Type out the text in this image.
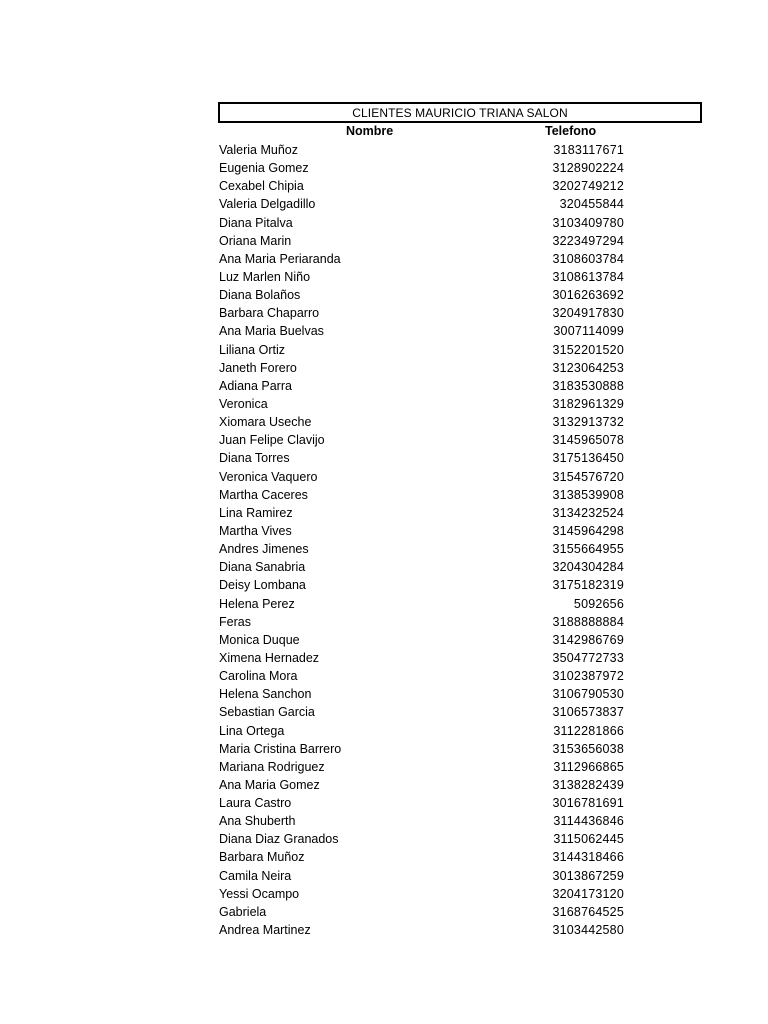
CLIENTES MAURICIO TRIANA SALON
Nombre	Telefono
Valeria Muñoz	3183117671
Eugenia Gomez	3128902224
Cexabel Chipia	3202749212
Valeria Delgadillo	320455844
Diana Pitalva	3103409780
Oriana Marin	3223497294
Ana Maria Periaranda	3108603784
Luz Marlen Niño	3108613784
Diana Bolaños	3016263692
Barbara Chaparro	3204917830
Ana Maria Buelvas	3007114099
Liliana Ortiz	3152201520
Janeth Forero	3123064253
Adiana Parra	3183530888
Veronica	3182961329
Xiomara Useche	3132913732
Juan Felipe Clavijo	3145965078
Diana Torres	3175136450
Veronica Vaquero	3154576720
Martha Caceres	3138539908
Lina Ramirez	3134232524
Martha Vives	3145964298
Andres Jimenes	3155664955
Diana Sanabria	3204304284
Deisy Lombana	3175182319
Helena Perez	5092656
Feras	3188888884
Monica Duque	3142986769
Ximena Hernadez	3504772733
Carolina Mora	3102387972
Helena Sanchon	3106790530
Sebastian Garcia	3106573837
Lina Ortega	3112281866
Maria Cristina Barrero	3153656038
Mariana Rodriguez	3112966865
Ana Maria Gomez	3138282439
Laura Castro	3016781691
Ana Shuberth	3114436846
Diana Diaz Granados	3115062445
Barbara Muñoz	3144318466
Camila Neira	3013867259
Yessi Ocampo	3204173120
Gabriela	3168764525
Andrea Martinez	3103442580
